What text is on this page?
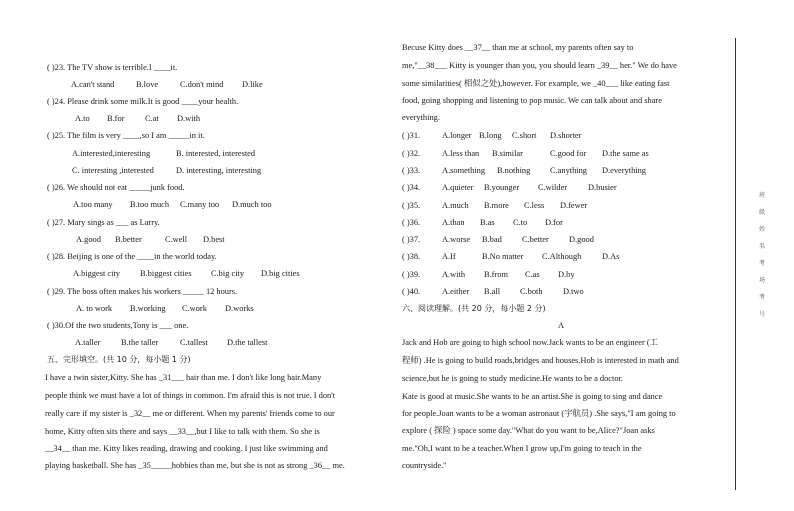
( )23. The TV show is terrible.I ____it.
A.can't stand	B.love	C.don't mind D.like
( )24. Please drink some milk.It is good ____your health.
A.to B.for C.at D.with
( )25. The film is very ____,so I am _____in it.
A.interested,interesting	B. interested, interested
C. interesting ,interested	D. interesting, interesting
( )26. We should not eat _____junk food.
A.too many B.too much C.many too D.much too
( )27. Mary sings as ___ as Larry.
A.good B.better	C.well D.best
( )28. Beijing is one of the ____in the world today.
A.biggest city B.biggest cities C.big city D.big cities
( )29. The boss often makes his workers _____ 12 hours.
A. to work B.working C.work D.works
( )30.Of the two students,Tony is ___ one.
A.taller B.the taller	C.tallest D.the tallest
五、完形填空。(共 10 分，每小题 1 分)
I have a twin sister,Kitty. She has _31___ hair than me. I don't like long hair.Many
people think we must have a lot of things in common. I'm afraid this is not true. I don't
really care if my sister is _32__ me or different. When my parents' friends come to our
home, Kitty often sits there and says __33__,but I like to talk with them. So she is
__34__ than me. Kitty likes reading, drawing and cooking. I just like swimming and
playing basketball. She has _35_____hobbies than me, but she is not as strong _36__ me.
Becuse Kitty does __37__ than me at school, my parents often say to
me,"__38___ Kitty is younger than you, you should learn _39__ her." We do have
some similarities( 相似之处),however. For example, we _40___ like eating fast
food, going shopping and listening to pop music. We can talk about and share
everything.
( )31.	A.longer B.long C.short D.shorter
( )32.	A.less than B.similar	C.good for D.the same as
( )33.	A.something B.nothing C.anything D.everything
( )34.	A.quieter B.younger C.wilder D.busier
( )35.	A.much B.more C.less D.fewer
( )36.	A.than B.as C.to D.for
( )37.	A.worse B.bad C.better D.good
( )38.	A.If	B.No matter C.Although D.As
( )39.	A.with B.from C.as D.by
( )40.	A.either B.all C.both D.two
六、阅读理解。(共 20 分，每小题 2 分)
A
Jack and Hob are going to high school now.Jack wants to be an engineer (工
程师) .He is going to build roads,bridges and houses.Hob is interested in math and
science,but he is going to study medicine.He wants to be a doctor.
Kate is good at music.She wants to be an artist.She is going to sing and dance
for people.Joan wants to be a woman astronaut (宇航员) .She says,"I am going to
explore ( 探险 ) space some day."What do you want to be,Alice?"Joan asks
me."Oh,I want to be a teacher.When I grow up,I'm going to teach in the
countryside."
班
级
姓
名
考
场
考
号
